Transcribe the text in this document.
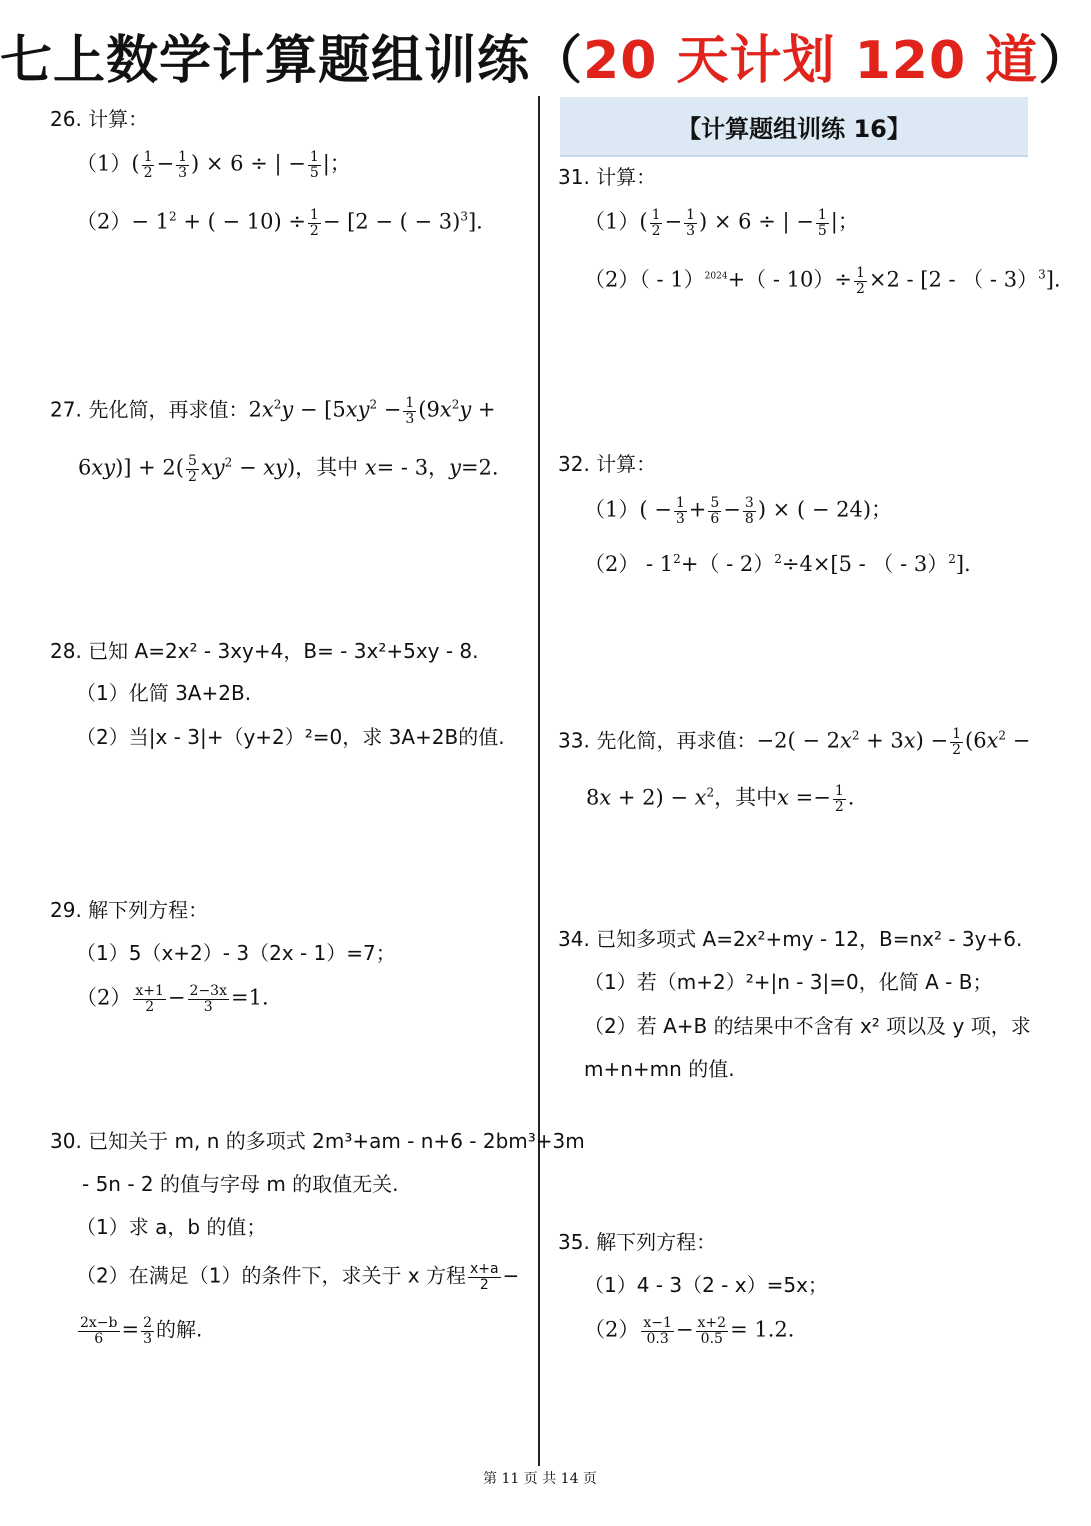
七上数学计算题组训练（20 天计划 120 道）
26. 计算：
$(1)( \frac{1}{2} - \frac{1}{3}$ ) × 6 ÷ | − $\frac{1}{5}$ |；
$(2)- 1^2$ + ( − $10) \div \frac{1}{2} - [2$ − ( − 3)$^3$].
27. 先化简，再求值：$2x^2y - [5xy^2 - \frac{1}{3} (9x^2y$ +
$6xy)] + 2( \frac{5}{2} xy^2 - xy)$，其中 x= - 3，y=2.
28. 已知 A=2x² - 3xy+4，B= - 3x²+5xy - 8.
（1）化简 3A+2B.
（2）当|x - 3|+（y+2）²=0，求 3A+2B的值.
29. 解下列方程：
（1）5（x+2）- 3（2x - 1）=7；
$(2) \frac{x+1}{2} - \frac{2-3x}{3} =1$.
30. 已知关于 m, n 的多项式 2m³+am - n+6 - 2bm³+3m
- 5n - 2 的值与字母 m 的取值无关.
（1）求 a，b 的值；
（2）在满足（1）的条件下，求关于 x 方程 $\frac{x+a}{2}$ −
$\frac{2x-b}{6} = \frac{2}{3}$ 的解.
【计算题组训练 16】
31. 计算：
$(1)( \frac{1}{2} - \frac{1}{3}$ ) × 6 ÷ | − $\frac{1}{5}$ |；
$(2)( - 1)^{2024}+( - 10)\div \frac{1}{2} \times 2 - [2$ - （ - 3）$^3$].
32. 计算：
$(1)( - \frac{1}{3} + \frac{5}{6} - \frac{3}{8}$ ) × ( − 24)；
$(2) - 1^2+( - 2)^2\div 4\times[5$ - （ - 3）$^2$].
33. 先化简，再求值：$-2( - 2x^2 + 3x) - \frac{1}{2} (6x^2$ −
$8x + 2) - x^2$，其中$x =- \frac{1}{2}$ .
34. 已知多项式 A=2x²+my - 12，B=nx² - 3y+6.
（1）若（m+2）²+|n - 3|=0，化简 A - B；
（2）若 A+B 的结果中不含有 x² 项以及 y 项，求
m+n+mn 的值.
35. 解下列方程：
（1）4 - 3（2 - x）=5x；
$(2) \frac{x-1}{0.3} - \frac{x+2}{0.5} = 1.2$.
第 11 页 共 14 页
